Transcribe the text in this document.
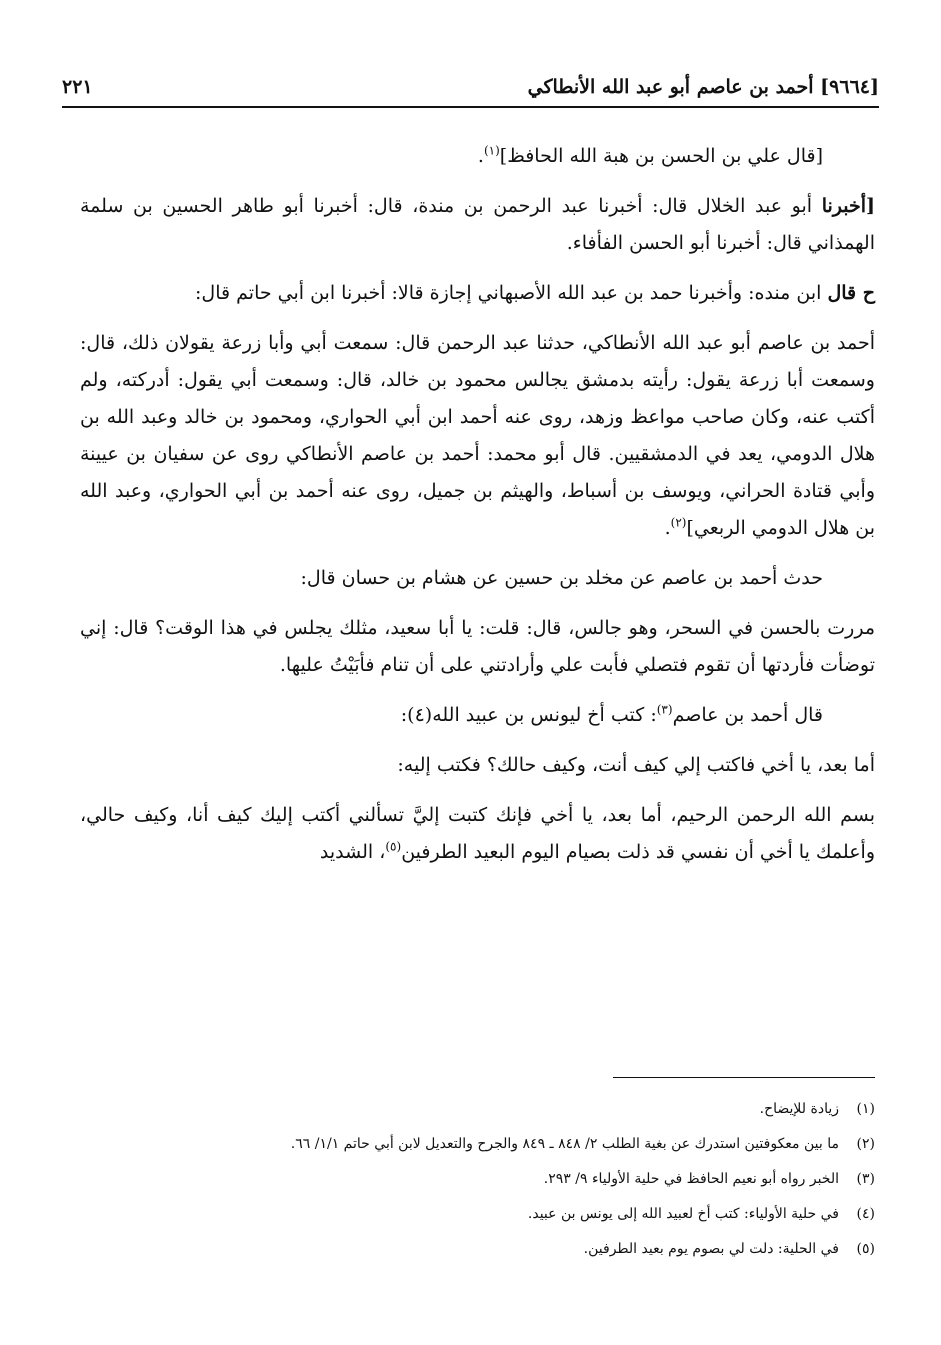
[٩٦٦٤] أحمد بن عاصم أبو عبد الله الأنطاكي
٢٢١

[قال علي بن الحسن بن هبة الله الحافظ]$^{(١)}$.

[أخبرنا أبو عبد الخلال قال: أخبرنا عبد الرحمن بن مندة، قال: أخبرنا أبو طاهر الحسين بن سلمة الهمذاني قال: أخبرنا أبو الحسن الفأفاء.

ح قال ابن منده: وأخبرنا حمد بن عبد الله الأصبهاني إجازة قالا: أخبرنا ابن أبي حاتم قال:

أحمد بن عاصم أبو عبد الله الأنطاكي، حدثنا عبد الرحمن قال: سمعت أبي وأبا زرعة يقولان ذلك، قال: وسمعت أبا زرعة يقول: رأيته بدمشق يجالس محمود بن خالد، قال: وسمعت أبي يقول: أدركته، ولم أكتب عنه، وكان صاحب مواعظ وزهد، روى عنه أحمد ابن أبي الحواري، ومحمود بن خالد وعبد الله بن هلال الدومي، يعد في الدمشقيين. قال أبو محمد: أحمد بن عاصم الأنطاكي روى عن سفيان بن عيينة وأبي قتادة الحراني، ويوسف بن أسباط، والهيثم بن جميل، روى عنه أحمد بن أبي الحواري، وعبد الله بن هلال الدومي الربعي]$^{(٢)}$.

حدث أحمد بن عاصم عن مخلد بن حسين عن هشام بن حسان قال:

مررت بالحسن في السحر، وهو جالس، قال: قلت: يا أبا سعيد، مثلك يجلس في هذا الوقت؟ قال: إني توضأت فأردتها أن تقوم فتصلي فأبت علي وأرادتني على أن تنام فأبَيْتُ عليها.

قال أحمد بن عاصم$^{(٣)}$: كتب أخ ليونس بن عبيد الله(٤):

أما بعد، يا أخي فاكتب إلي كيف أنت، وكيف حالك؟ فكتب إليه:

بسم الله الرحمن الرحيم، أما بعد، يا أخي فإنك كتبت إليَّ تسألني أكتب إليك كيف أنا، وكيف حالي، وأعلمك يا أخي أن نفسي قد ذلت بصيام اليوم البعيد الطرفين$^{(٥)}$، الشديد

(١)
زيادة للإيضاح.
(٢)
ما بين معكوفتين استدرك عن بغية الطلب ٢/ ٨٤٨ ـ ٨٤٩ والجرح والتعديل لابن أبي حاتم ١/١/ ٦٦.
(٣)
الخبر رواه أبو نعيم الحافظ في حلية الأولياء ٩/ ٢٩٣.
(٤)
في حلية الأولياء: كتب أخ لعبيد الله إلى يونس بن عبيد.
(٥)
في الحلية: دلت لي بصوم يوم بعيد الطرفين.
